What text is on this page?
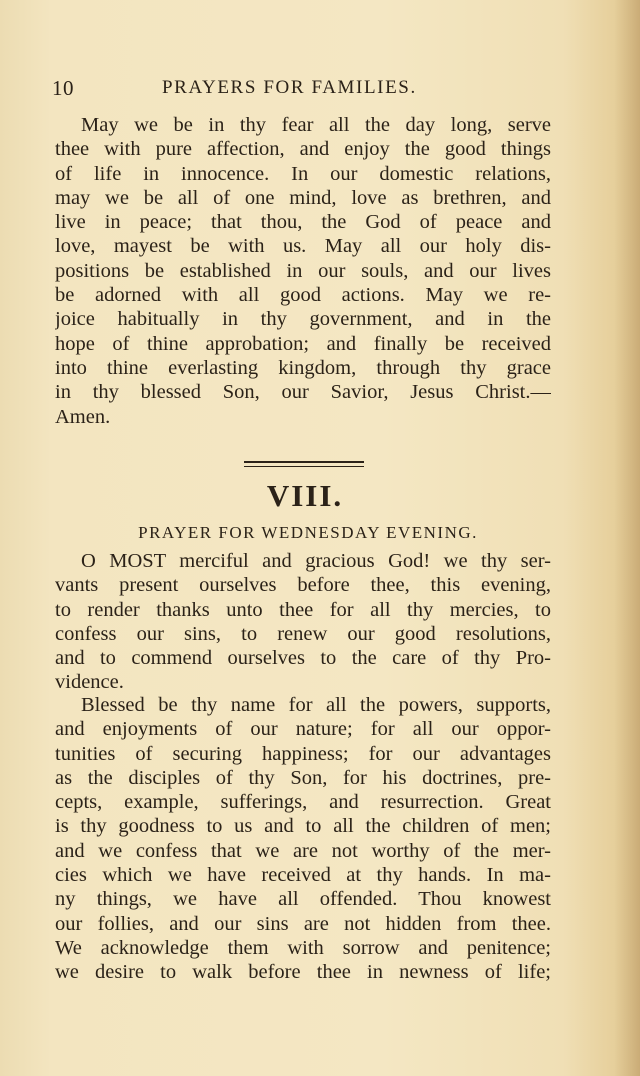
10	PRAYERS FOR FAMILIES.
May we be in thy fear all the day long, serve
thee with pure affection, and enjoy the good things
of life in innocence. In our domestic relations,
may we be all of one mind, love as brethren, and
live in peace; that thou, the God of peace and
love, mayest be with us. May all our holy dis-
positions be established in our souls, and our lives
be adorned with all good actions. May we re-
joice habitually in thy government, and in the
hope of thine approbation; and finally be received
into thine everlasting kingdom, through thy grace
in thy blessed Son, our Savior, Jesus Christ.—
Amen.
VIII.
PRAYER FOR WEDNESDAY EVENING.
O MOST merciful and gracious God! we thy ser-
vants present ourselves before thee, this evening,
to render thanks unto thee for all thy mercies, to
confess our sins, to renew our good resolutions,
and to commend ourselves to the care of thy Pro-
vidence.
Blessed be thy name for all the powers, supports,
and enjoyments of our nature; for all our oppor-
tunities of securing happiness; for our advantages
as the disciples of thy Son, for his doctrines, pre-
cepts, example, sufferings, and resurrection. Great
is thy goodness to us and to all the children of men;
and we confess that we are not worthy of the mer-
cies which we have received at thy hands. In ma-
ny things, we have all offended. Thou knowest
our follies, and our sins are not hidden from thee.
We acknowledge them with sorrow and penitence;
we desire to walk before thee in newness of life;
